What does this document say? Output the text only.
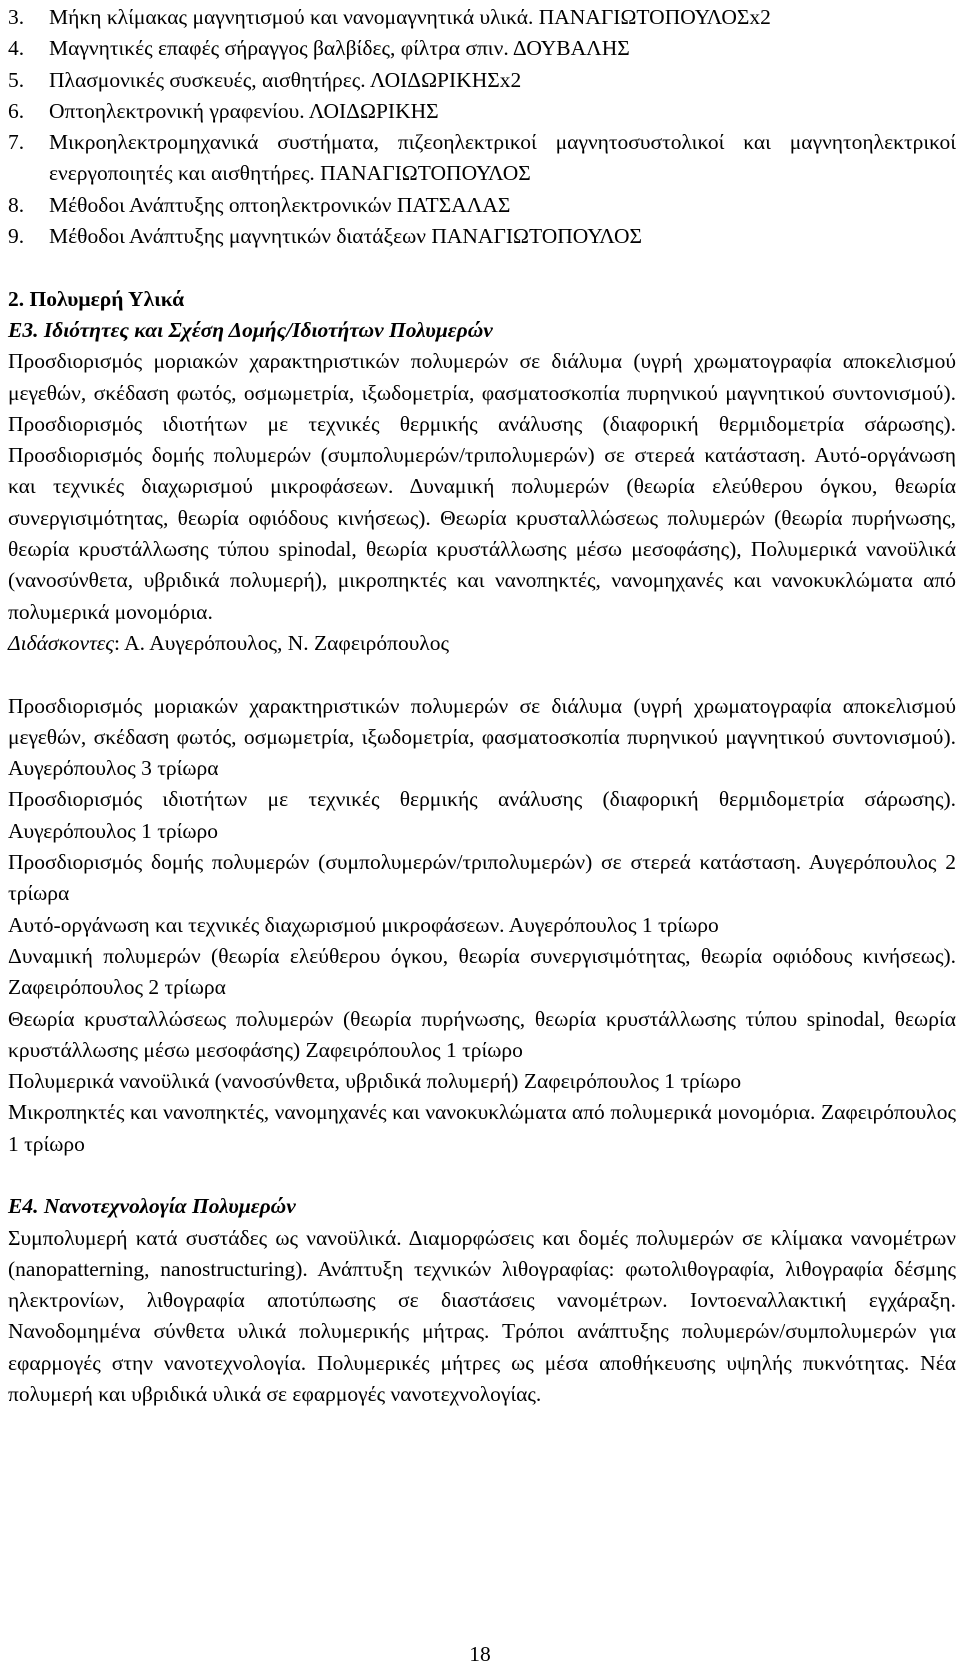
3.	Μήκη κλίμακας μαγνητισμού και νανομαγνητικά υλικά. ΠΑΝΑΓΙΩΤΟΠΟΥΛΟΣx2
4.	Μαγνητικές επαφές σήραγγος βαλβίδες, φίλτρα σπιν. ΔΟΥΒΑΛΗΣ
5.	Πλασμονικές συσκευές, αισθητήρες. ΛΟΙΔΩΡΙΚΗΣx2
6.	Οπτοηλεκτρονική γραφενίου. ΛΟΙΔΩΡΙΚΗΣ
7.	Μικροηλεκτρομηχανικά συστήματα, πιζεοηλεκτρικοί μαγνητοσυστολικοί και μαγνητοηλεκτρικοί ενεργοποιητές και αισθητήρες. ΠΑΝΑΓΙΩΤΟΠΟΥΛΟΣ
8.	Μέθοδοι Ανάπτυξης οπτοηλεκτρονικών ΠΑΤΣΑΛΑΣ
9.	Μέθοδοι Ανάπτυξης μαγνητικών διατάξεων ΠΑΝΑΓΙΩΤΟΠΟΥΛΟΣ

2. Πολυμερή Υλικά

Ε3. Ιδιότητες και Σχέση Δομής/Ιδιοτήτων Πολυμερών

Προσδιορισμός μοριακών χαρακτηριστικών πολυμερών σε διάλυμα (υγρή χρωματογραφία αποκελισμού μεγεθών, σκέδαση φωτός, οσμωμετρία, ιξωδομετρία, φασματοσκοπία πυρηνικού μαγνητικού συντονισμού). Προσδιορισμός ιδιοτήτων με τεχνικές θερμικής ανάλυσης (διαφορική θερμιδομετρία σάρωσης). Προσδιορισμός δομής πολυμερών (συμπολυμερών/τριπολυμερών) σε στερεά κατάσταση. Αυτό-οργάνωση και τεχνικές διαχωρισμού μικροφάσεων. Δυναμική πολυμερών (θεωρία ελεύθερου όγκου, θεωρία συνεργισιμότητας, θεωρία οφιόδους κινήσεως). Θεωρία κρυσταλλώσεως πολυμερών (θεωρία πυρήνωσης, θεωρία κρυστάλλωσης τύπου spinodal, θεωρία κρυστάλλωσης μέσω μεσοφάσης), Πολυμερικά νανοϋλικά (νανοσύνθετα, υβριδικά πολυμερή), μικροπηκτές και νανοπηκτές, νανομηχανές και νανοκυκλώματα από πολυμερικά μονομόρια.

Διδάσκοντες: Α. Αυγερόπουλος, Ν. Ζαφειρόπουλος

Προσδιορισμός μοριακών χαρακτηριστικών πολυμερών σε διάλυμα (υγρή χρωματογραφία αποκελισμού μεγεθών, σκέδαση φωτός, οσμωμετρία, ιξωδομετρία, φασματοσκοπία πυρηνικού μαγνητικού συντονισμού). Αυγερόπουλος 3 τρίωρα

Προσδιορισμός ιδιοτήτων με τεχνικές θερμικής ανάλυσης (διαφορική θερμιδομετρία σάρωσης). Αυγερόπουλος 1 τρίωρο

Προσδιορισμός δομής πολυμερών (συμπολυμερών/τριπολυμερών) σε στερεά κατάσταση. Αυγερόπουλος 2 τρίωρα

Αυτό-οργάνωση και τεχνικές διαχωρισμού μικροφάσεων. Αυγερόπουλος 1 τρίωρο

Δυναμική πολυμερών (θεωρία ελεύθερου όγκου, θεωρία συνεργισιμότητας, θεωρία οφιόδους κινήσεως). Ζαφειρόπουλος 2 τρίωρα

Θεωρία κρυσταλλώσεως πολυμερών (θεωρία πυρήνωσης, θεωρία κρυστάλλωσης τύπου spinodal, θεωρία κρυστάλλωσης μέσω μεσοφάσης) Ζαφειρόπουλος 1 τρίωρο

Πολυμερικά νανοϋλικά (νανοσύνθετα, υβριδικά πολυμερή) Ζαφειρόπουλος 1 τρίωρο

Μικροπηκτές και νανοπηκτές, νανομηχανές και νανοκυκλώματα από πολυμερικά μονομόρια. Ζαφειρόπουλος 1 τρίωρο

Ε4. Νανοτεχνολογία Πολυμερών

Συμπολυμερή κατά συστάδες ως νανοϋλικά. Διαμορφώσεις και δομές πολυμερών σε κλίμακα νανομέτρων (nanopatterning, nanostructuring). Ανάπτυξη τεχνικών λιθογραφίας: φωτολιθογραφία, λιθογραφία δέσμης ηλεκτρονίων, λιθογραφία αποτύπωσης σε διαστάσεις νανομέτρων. Ιοντοεναλλακτική εγχάραξη. Νανοδομημένα σύνθετα υλικά πολυμερικής μήτρας. Τρόποι ανάπτυξης πολυμερών/συμπολυμερών για εφαρμογές στην νανοτεχνολογία. Πολυμερικές μήτρες ως μέσα αποθήκευσης υψηλής πυκνότητας. Νέα πολυμερή και υβριδικά υλικά σε εφαρμογές νανοτεχνολογίας.

18
